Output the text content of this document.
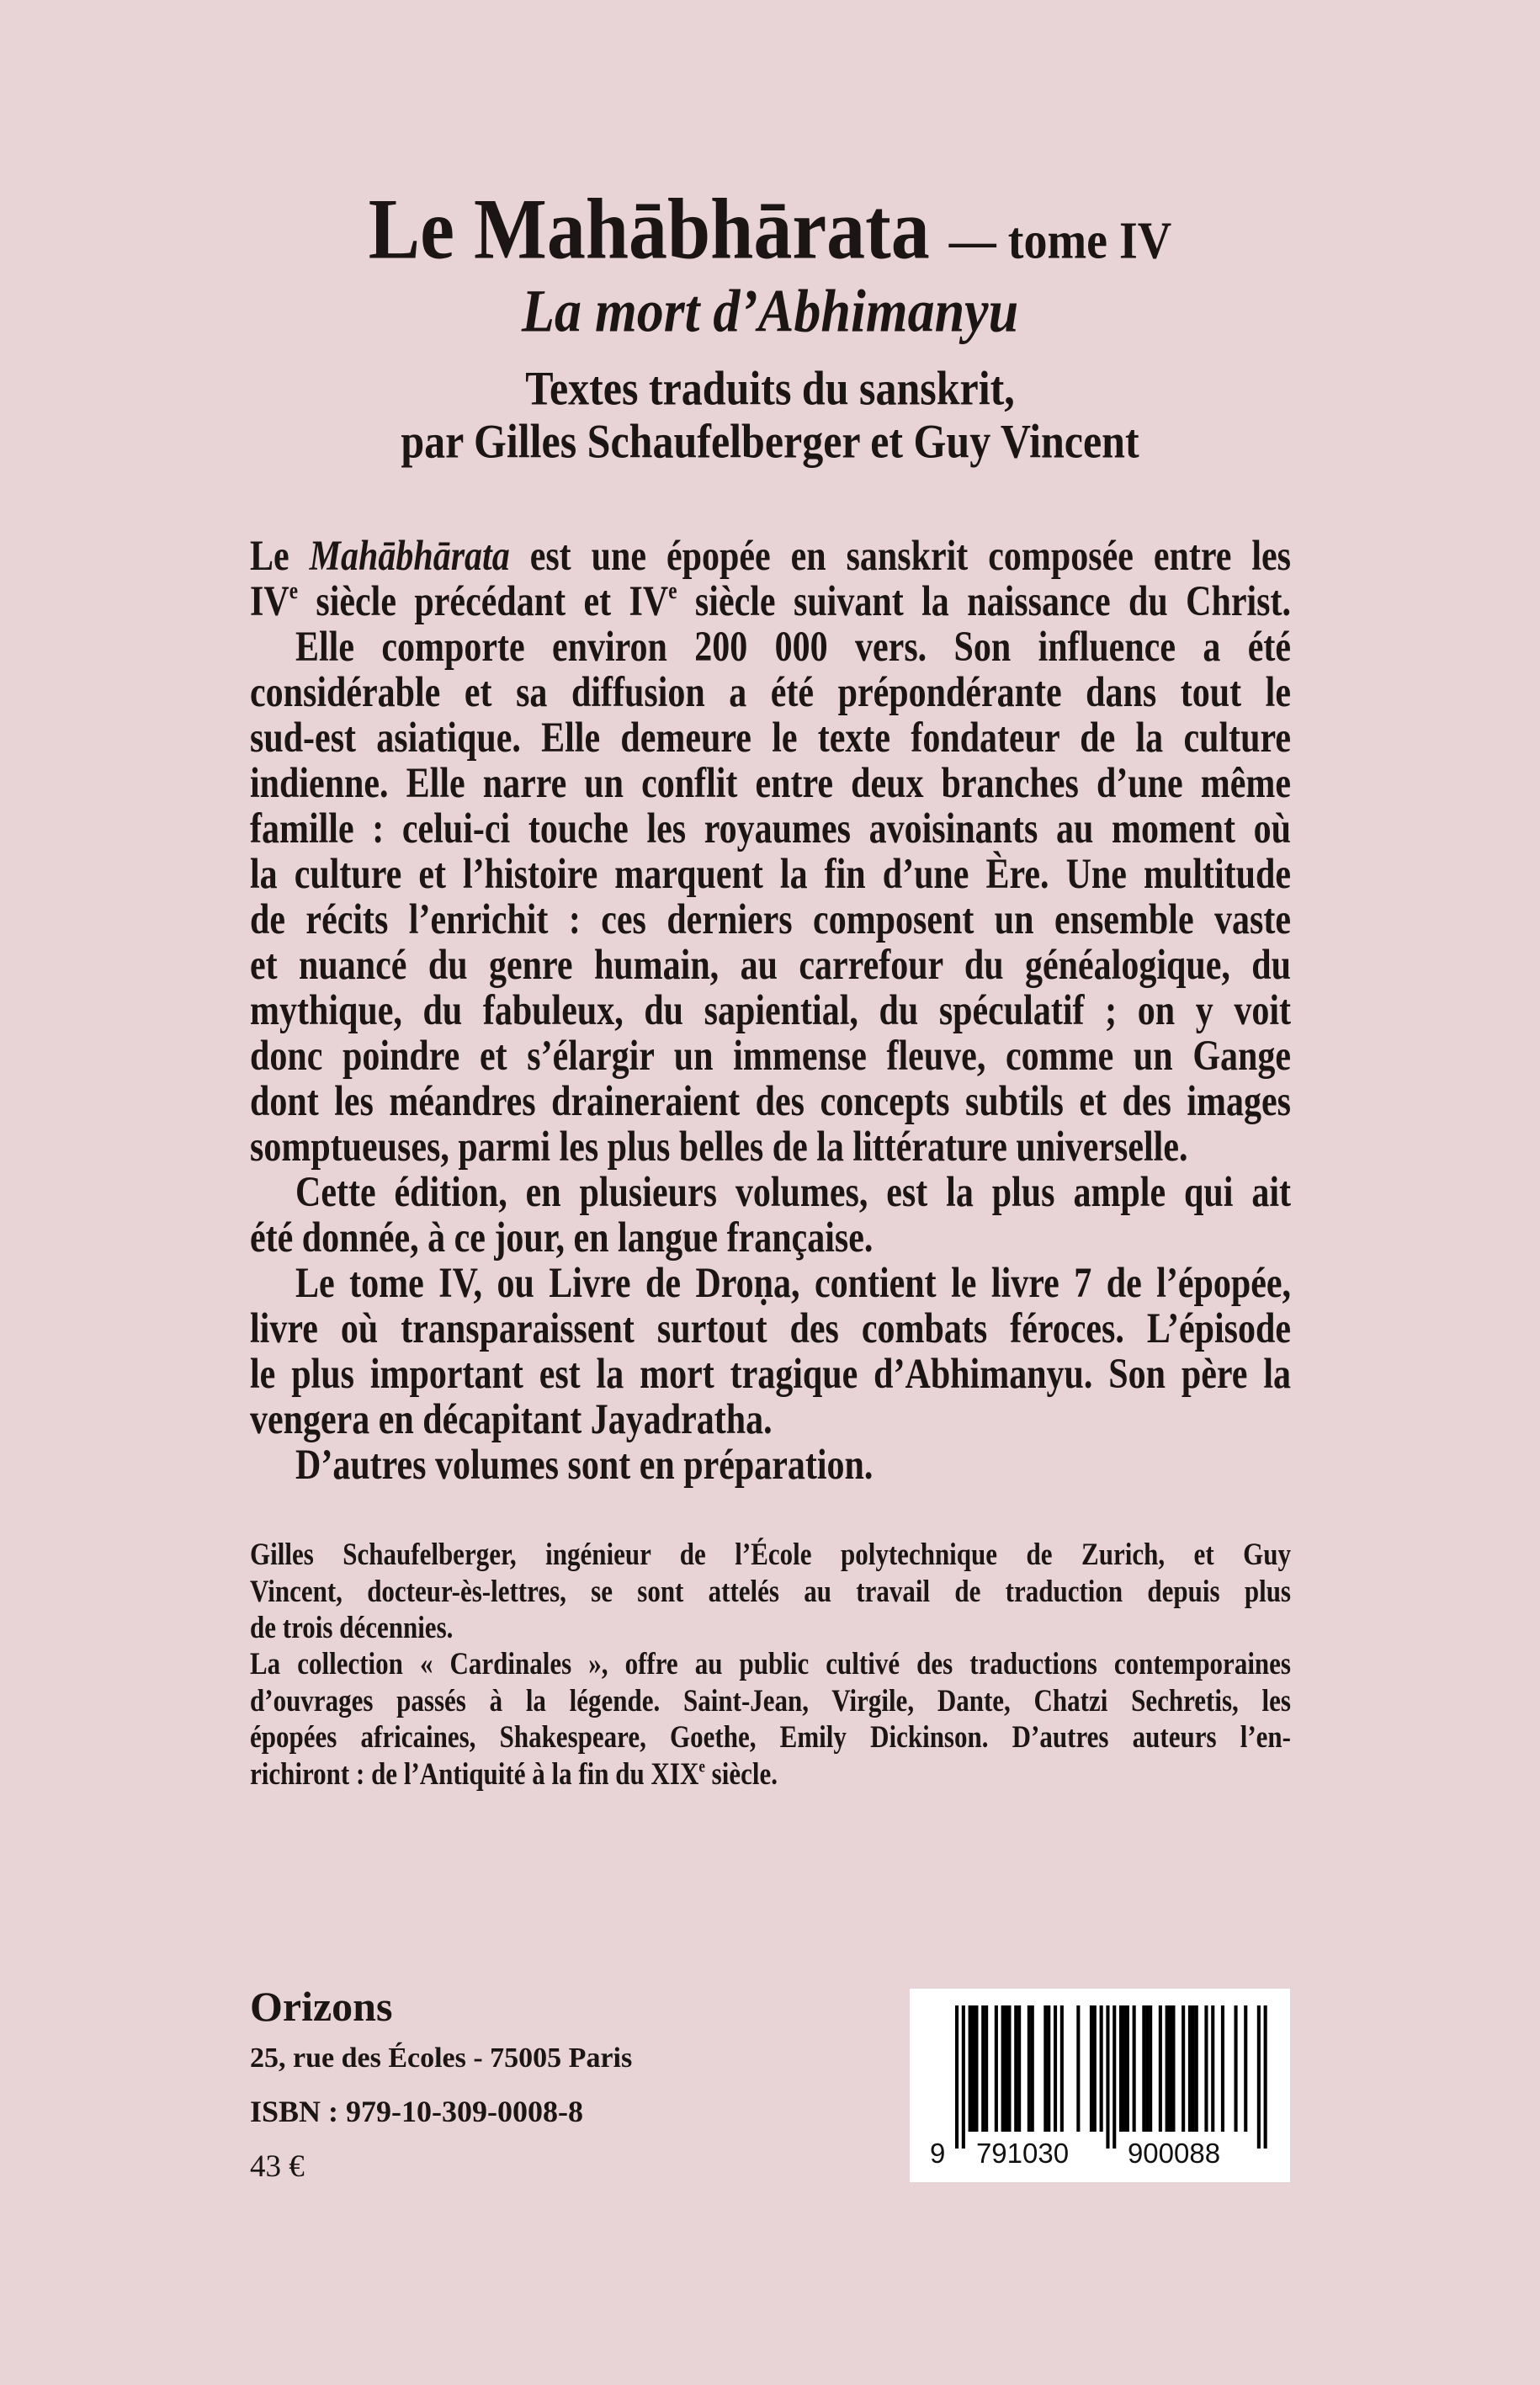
Le Mahābhārata — tome IV
La mort d’Abhimanyu
Textes traduits du sanskrit,
par Gilles Schaufelberger et Guy Vincent
Le Mahābhārata est une épopée en sanskrit composée entre les
IVe siècle précédant et IVe siècle suivant la naissance du Christ.
Elle comporte environ 200 000 vers. Son influence a été
considérable et sa diffusion a été prépondérante dans tout le
sud-est asiatique. Elle demeure le texte fondateur de la culture
indienne. Elle narre un conflit entre deux branches d’une même
famille : celui-ci touche les royaumes avoisinants au moment où
la culture et l’histoire marquent la fin d’une Ère. Une multitude
de récits l’enrichit : ces derniers composent un ensemble vaste
et nuancé du genre humain, au carrefour du généalogique, du
mythique, du fabuleux, du sapiential, du spéculatif ; on y voit
donc poindre et s’élargir un immense fleuve, comme un Gange
dont les méandres draineraient des concepts subtils et des images
somptueuses, parmi les plus belles de la littérature universelle.
Cette édition, en plusieurs volumes, est la plus ample qui ait
été donnée, à ce jour, en langue française.
Le tome IV, ou Livre de Droṇa, contient le livre 7 de l’épopée,
livre où transparaissent surtout des combats féroces. L’épisode
le plus important est la mort tragique d’Abhimanyu. Son père la
vengera en décapitant Jayadratha.
D’autres volumes sont en préparation.
Gilles Schaufelberger, ingénieur de l’École polytechnique de Zurich, et Guy
Vincent, docteur-ès-lettres, se sont attelés au travail de traduction depuis plus
de trois décennies.
La collection « Cardinales », offre au public cultivé des traductions contemporaines
d’ouvrages passés à la légende. Saint-Jean, Virgile, Dante, Chatzi Sechretis, les
épopées africaines, Shakespeare, Goethe, Emily Dickinson. D’autres auteurs l’en-
richiront : de l’Antiquité à la fin du XIXe siècle.
Orizons
25, rue des Écoles - 75005 Paris
ISBN : 979-10-309-0008-8
43 €	9 791030 900088
